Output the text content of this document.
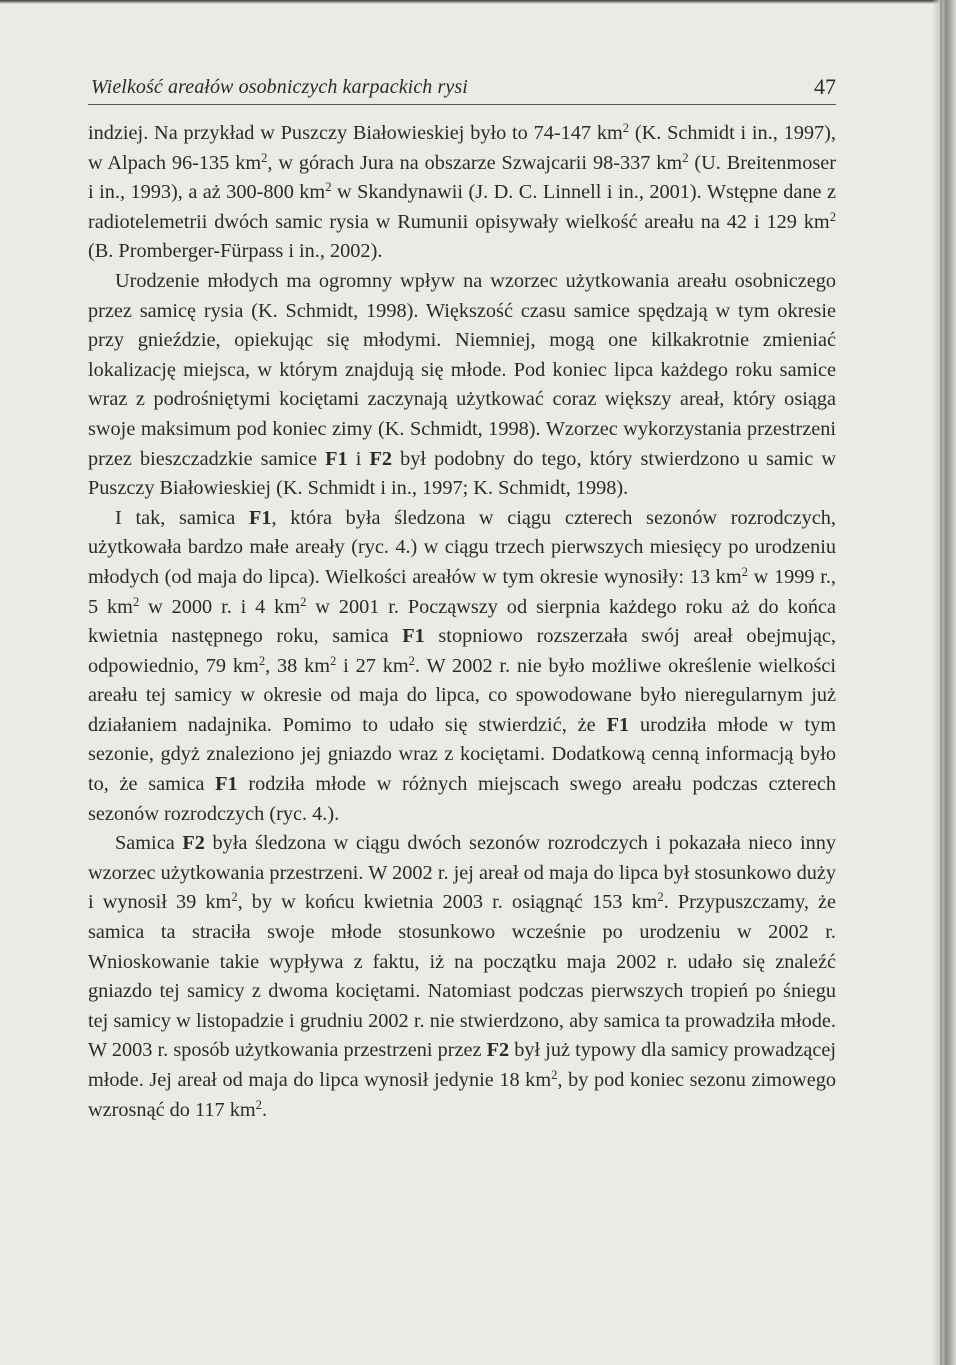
Wielkość areałów osobniczych karpackich rysi	47

indziej. Na przykład w Puszczy Białowieskiej było to 74-147 $km^2$ (K. Schmidt i in., 1997), w Alpach 96-135 $km^2$, w górach Jura na obszarze Szwajcarii 98-337 $km^2$ (U. Breitenmoser i in., 1993), a aż 300-800 $km^2$ w Skandynawii (J. D. C. Linnell i in., 2001). Wstępne dane z radiotelemetrii dwóch samic rysia w Rumunii opisywały wielkość areału na 42 i 129 $km^2$ (B. Promberger-Fürpass i in., 2002).

Urodzenie młodych ma ogromny wpływ na wzorzec użytkowania areału osobniczego przez samicę rysia (K. Schmidt, 1998). Większość czasu samice spędzają w tym okresie przy gnieździe, opiekując się młodymi. Niemniej, mogą one kilkakrotnie zmieniać lokalizację miejsca, w którym znajdują się młode. Pod koniec lipca każdego roku samice wraz z podrośniętymi kociętami zaczynają użytkować coraz większy areał, który osiąga swoje maksimum pod koniec zimy (K. Schmidt, 1998). Wzorzec wykorzystania przestrzeni przez bieszczadzkie samice F1 i F2 był podobny do tego, który stwierdzono u samic w Puszczy Białowieskiej (K. Schmidt i in., 1997; K. Schmidt, 1998).

I tak, samica F1, która była śledzona w ciągu czterech sezonów rozrodczych, użytkowała bardzo małe areały (ryc. 4.) w ciągu trzech pierwszych miesięcy po urodzeniu młodych (od maja do lipca). Wielkości areałów w tym okresie wynosiły: 13 $km^2$ w 1999 r., 5 $km^2$ w 2000 r. i 4 $km^2$ w 2001 r. Począwszy od sierpnia każdego roku aż do końca kwietnia następnego roku, samica F1 stopniowo rozszerzała swój areał obejmując, odpowiednio, 79 $km^2$, 38 $km^2$ i 27 $km^2$. W 2002 r. nie było możliwe określenie wielkości areału tej samicy w okresie od maja do lipca, co spowodowane było nieregularnym już działaniem nadajnika. Pomimo to udało się stwierdzić, że F1 urodziła młode w tym sezonie, gdyż znaleziono jej gniazdo wraz z kociętami. Dodatkową cenną informacją było to, że samica F1 rodziła młode w różnych miejscach swego areału podczas czterech sezonów rozrodczych (ryc. 4.).

Samica F2 była śledzona w ciągu dwóch sezonów rozrodczych i pokazała nieco inny wzorzec użytkowania przestrzeni. W 2002 r. jej areał od maja do lipca był stosunkowo duży i wynosił 39 $km^2$, by w końcu kwietnia 2003 r. osiągnąć 153 $km^2$. Przypuszczamy, że samica ta straciła swoje młode stosunkowo wcześnie po urodzeniu w 2002 r. Wnioskowanie takie wypływa z faktu, iż na początku maja 2002 r. udało się znaleźć gniazdo tej samicy z dwoma kociętami. Natomiast podczas pierwszych tropień po śniegu tej samicy w listopadzie i grudniu 2002 r. nie stwierdzono, aby samica ta prowadziła młode. W 2003 r. sposób użytkowania przestrzeni przez F2 był już typowy dla samicy prowadzącej młode. Jej areał od maja do lipca wynosił jedynie 18 $km^2$, by pod koniec sezonu zimowego wzrosnąć do 117 $km^2$.
